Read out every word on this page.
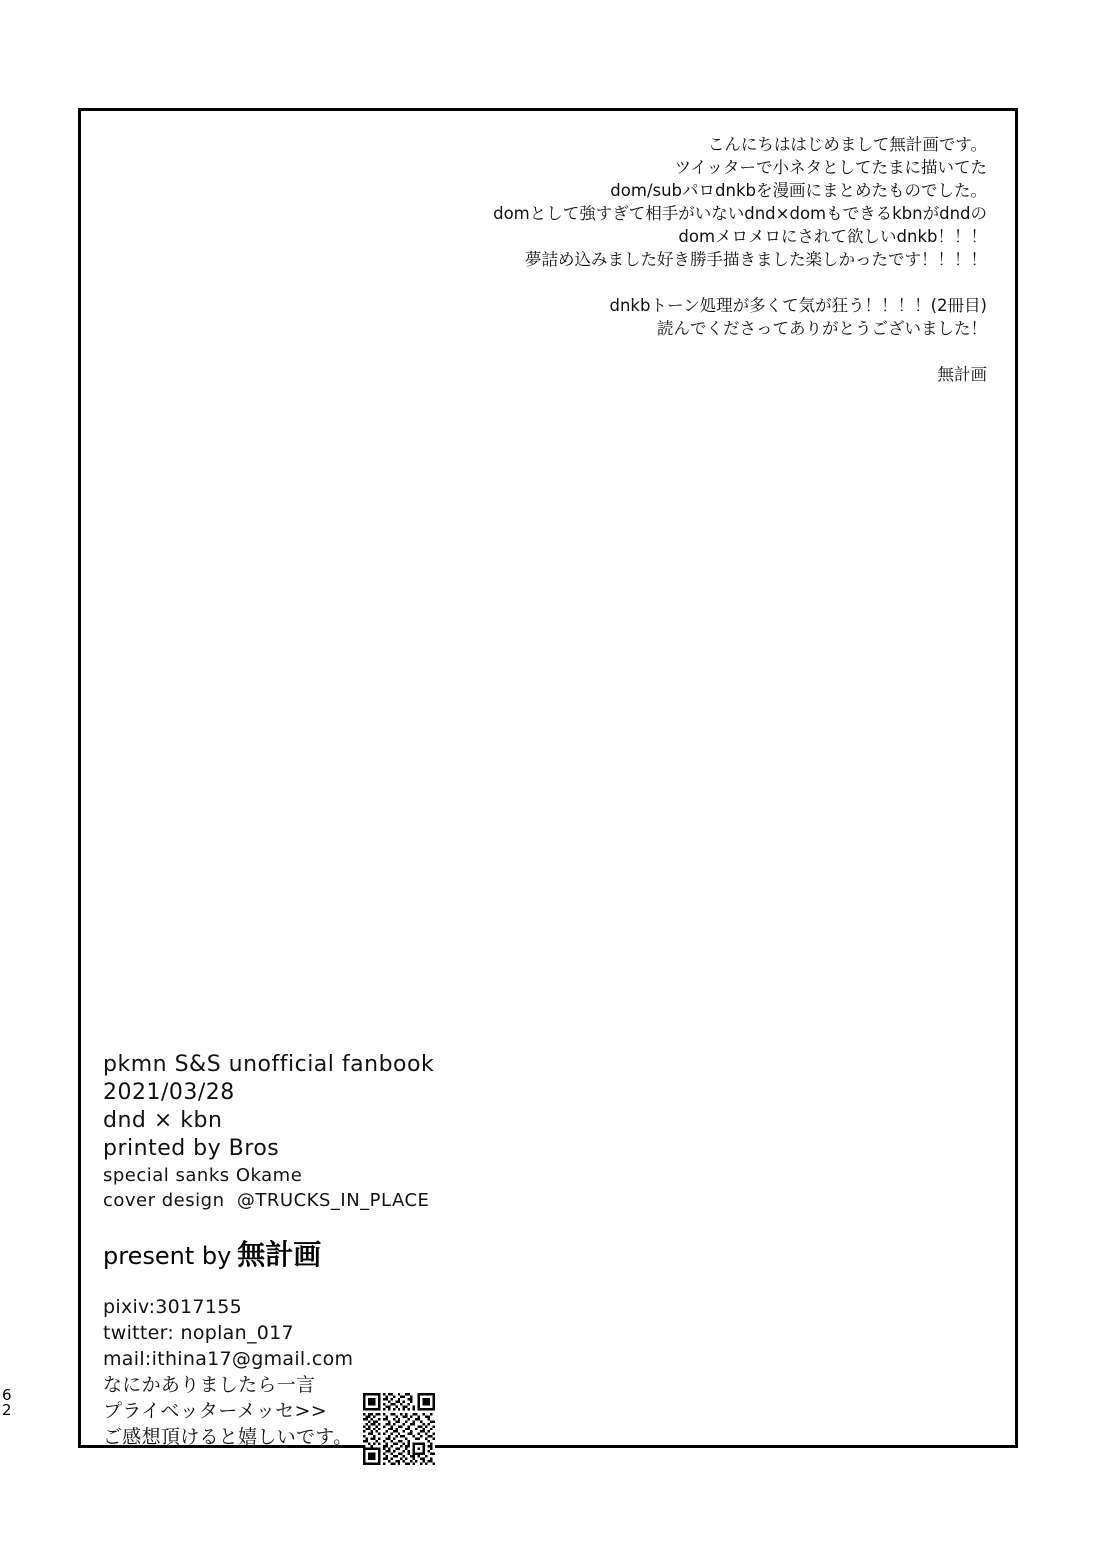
6
2

こんにちははじめまして無計画です。

ツイッターで小ネタとしてたまに描いてた

dom/subパロdnkbを漫画にまとめたものでした。

domとして強すぎて相手がいないdnd×domもできるkbnがdndの

domメロメロにされて欲しいdnkb！！！

夢詰め込みました好き勝手描きました楽しかったです！！！！

dnkbトーン処理が多くて気が狂う！！！！(2冊目)

読んでくださってありがとうございました！

無計画

pkmn S&S unofficial fanbook
2021/03/28
dnd × kbn
printed by Bros
special sanks Okame
cover design  @TRUCKS_IN_PLACE
present by 無計画
pixiv:3017155
twitter: noplan_017
mail:ithina17@gmail.com
なにかありましたら一言
プライベッターメッセ>>
ご感想頂けると嬉しいです。
